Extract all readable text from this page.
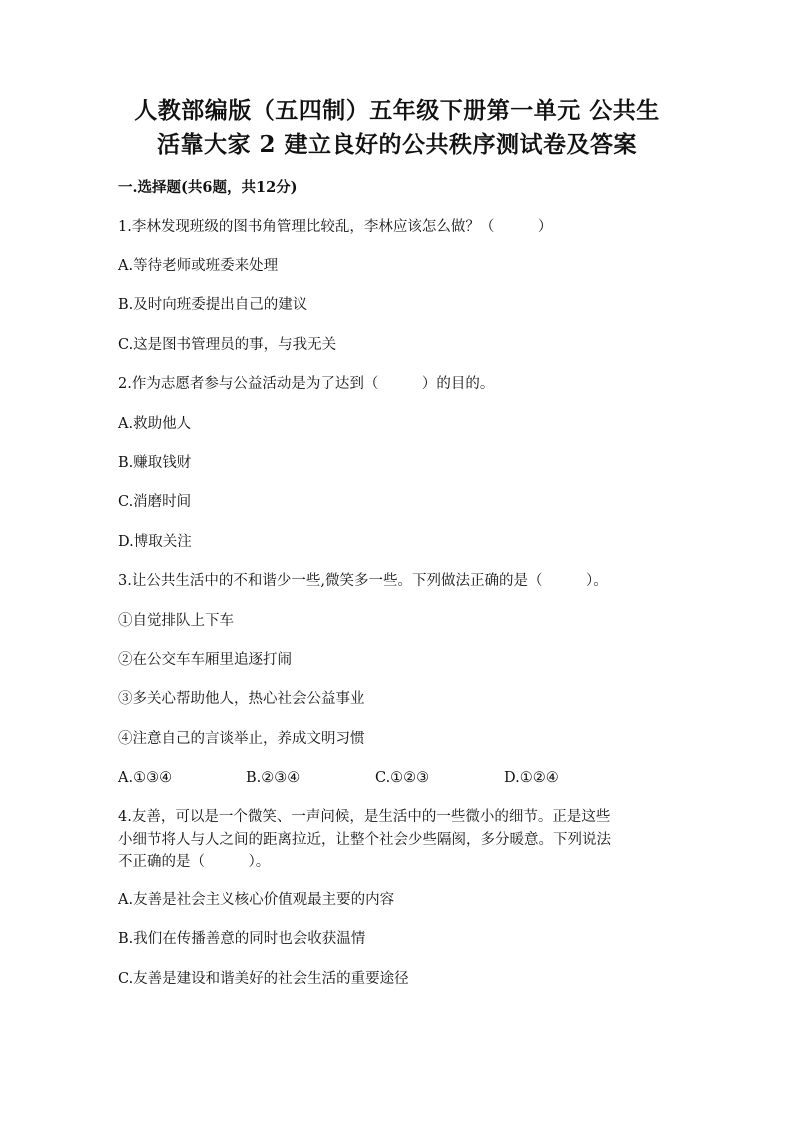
人教部编版（五四制）五年级下册第一单元 公共生
活靠大家 2 建立良好的公共秩序测试卷及答案
一.选择题(共6题，共12分)
1.李林发现班级的图书角管理比较乱，李林应该怎么做？（　　　）
A.等待老师或班委来处理
B.及时向班委提出自己的建议
C.这是图书管理员的事，与我无关
2.作为志愿者参与公益活动是为了达到（　　　）的目的。
A.救助他人
B.赚取钱财
C.消磨时间
D.博取关注
3.让公共生活中的不和谐少一些,微笑多一些。下列做法正确的是（　　　）。
①自觉排队上下车
②在公交车车厢里追逐打闹
③多关心帮助他人，热心社会公益事业
④注意自己的言谈举止，养成文明习惯
A.①③④	B.②③④	C.①②③	D.①②④
4.友善，可以是一个微笑、一声问候，是生活中的一些微小的细节。正是这些
小细节将人与人之间的距离拉近，让整个社会少些隔阂，多分暖意。下列说法
不正确的是（　　　）。
A.友善是社会主义核心价值观最主要的内容
B.我们在传播善意的同时也会收获温情
C.友善是建设和谐美好的社会生活的重要途径
